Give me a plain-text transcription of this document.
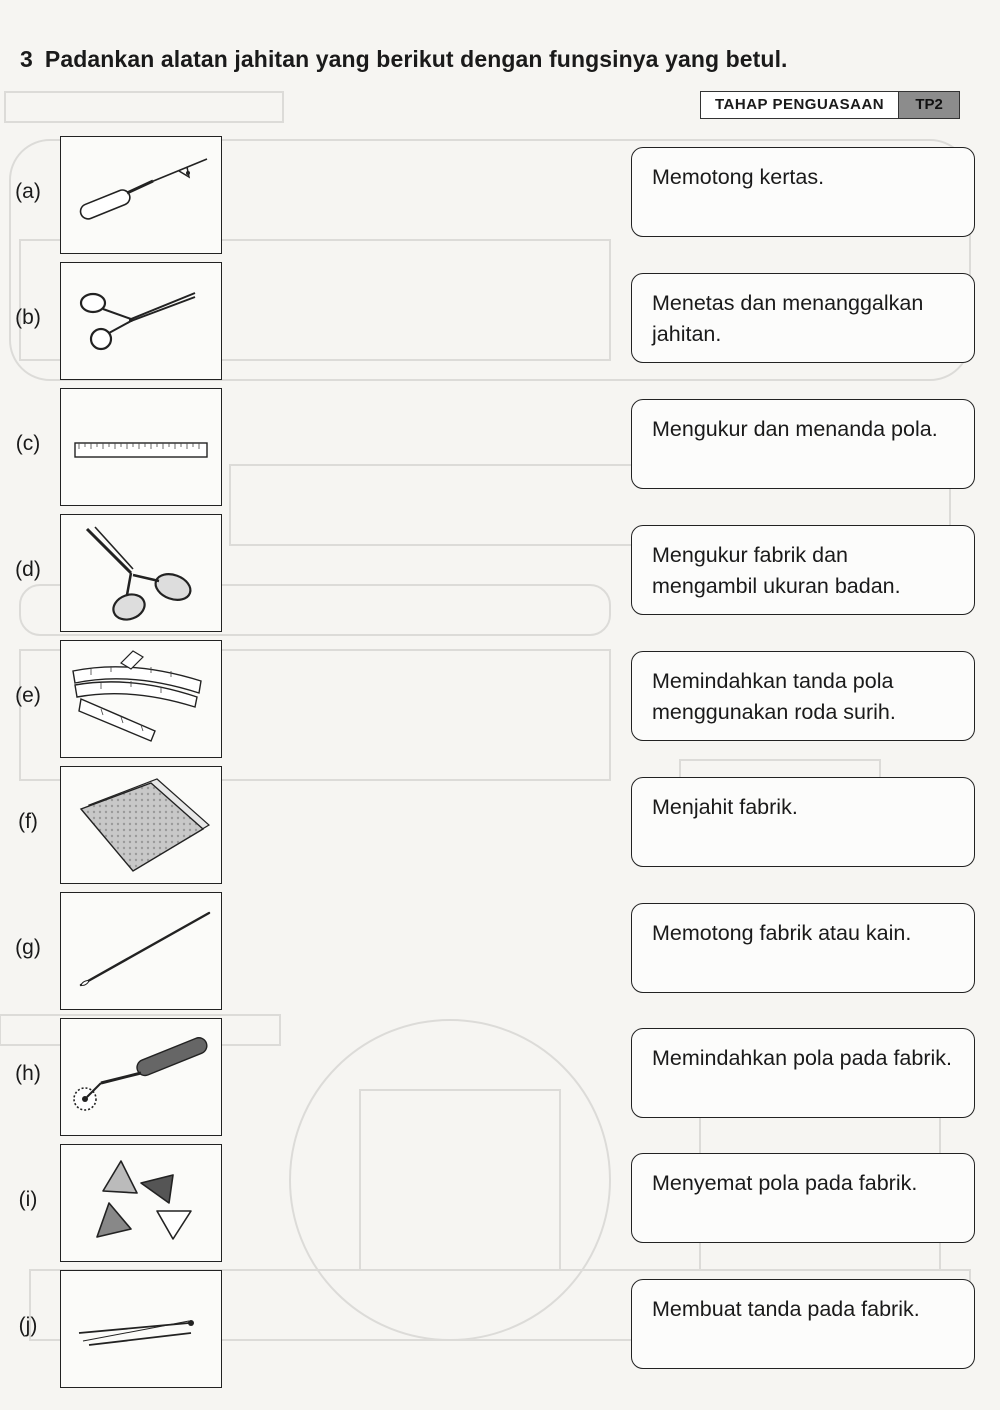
3 Padankan alatan jahitan yang berikut dengan fungsinya yang betul.
TAHAP PENGUASAAN	TP2
(a)
(b)
(c)
(d)
(e)
(f)
(g)
(h)
(i)
(j)
Memotong kertas.
Menetas dan menanggalkan jahitan.
Mengukur dan menanda pola.
Mengukur fabrik dan mengambil ukuran badan.
Memindahkan tanda pola menggunakan roda surih.
Menjahit fabrik.
Memotong fabrik atau kain.
Memindahkan pola pada fabrik.
Menyemat pola pada fabrik.
Membuat tanda pada fabrik.
